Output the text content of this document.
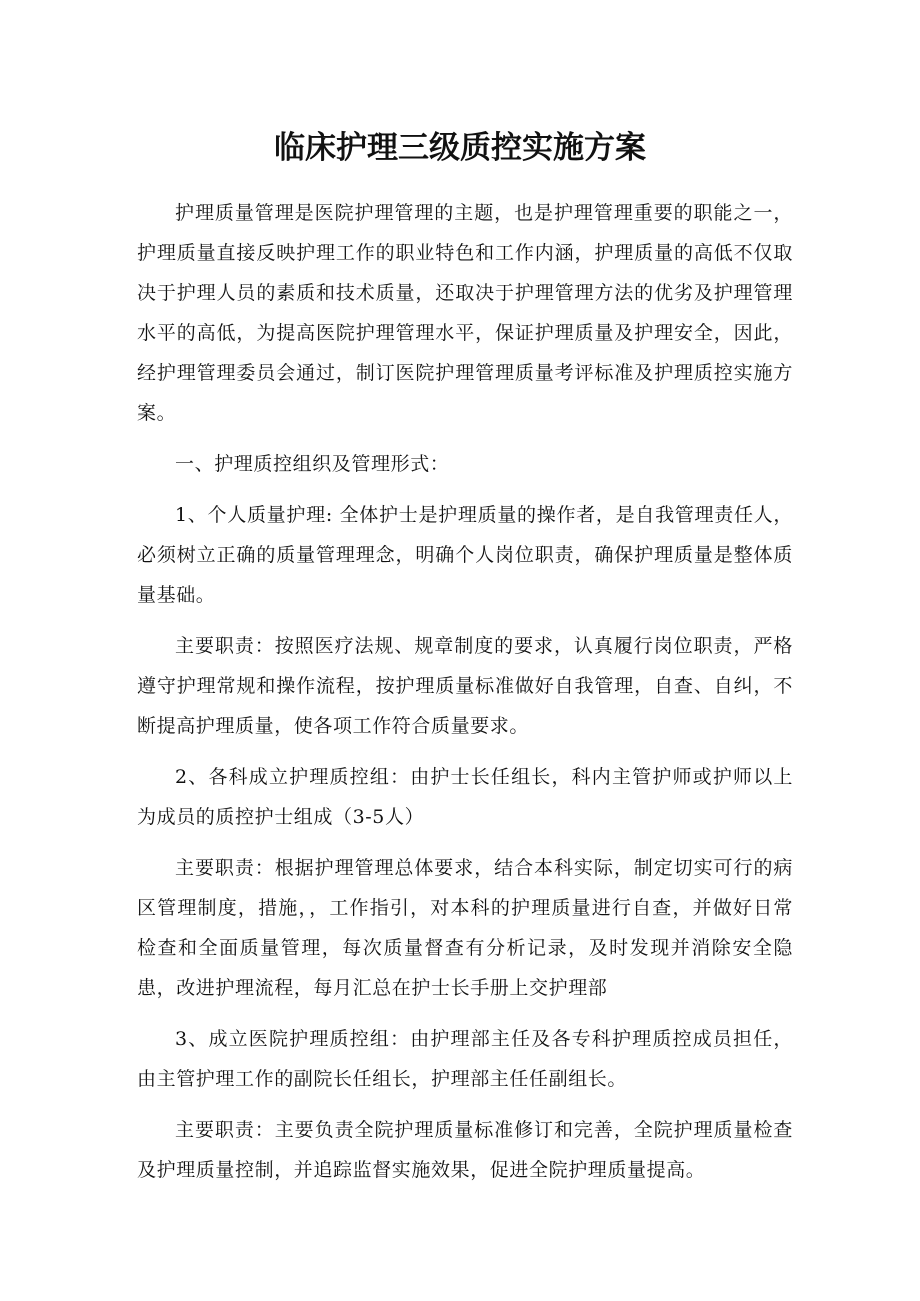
临床护理三级质控实施方案

护理质量管理是医院护理管理的主题，也是护理管理重要的职能之一，护理质量直接反映护理工作的职业特色和工作内涵，护理质量的高低不仅取决于护理人员的素质和技术质量，还取决于护理管理方法的优劣及护理管理水平的高低，为提高医院护理管理水平，保证护理质量及护理安全，因此，经护理管理委员会通过，制订医院护理管理质量考评标准及护理质控实施方案。

一、护理质控组织及管理形式：

1、个人质量护理: 全体护士是护理质量的操作者，是自我管理责任人，必须树立正确的质量管理理念，明确个人岗位职责，确保护理质量是整体质量基础。

主要职责：按照医疗法规、规章制度的要求，认真履行岗位职责，严格遵守护理常规和操作流程，按护理质量标准做好自我管理，自查、自纠，不断提高护理质量，使各项工作符合质量要求。

2、各科成立护理质控组：由护士长任组长，科内主管护师或护师以上为成员的质控护士组成（3-5人）

主要职责：根据护理管理总体要求，结合本科实际，制定切实可行的病区管理制度，措施，，工作指引，对本科的护理质量进行自查，并做好日常检查和全面质量管理，每次质量督查有分析记录，及时发现并消除安全隐患，改进护理流程，每月汇总在护士长手册上交护理部

3、成立医院护理质控组：由护理部主任及各专科护理质控成员担任，由主管护理工作的副院长任组长，护理部主任任副组长。

主要职责：主要负责全院护理质量标准修订和完善，全院护理质量检查及护理质量控制，并追踪监督实施效果，促进全院护理质量提高。
